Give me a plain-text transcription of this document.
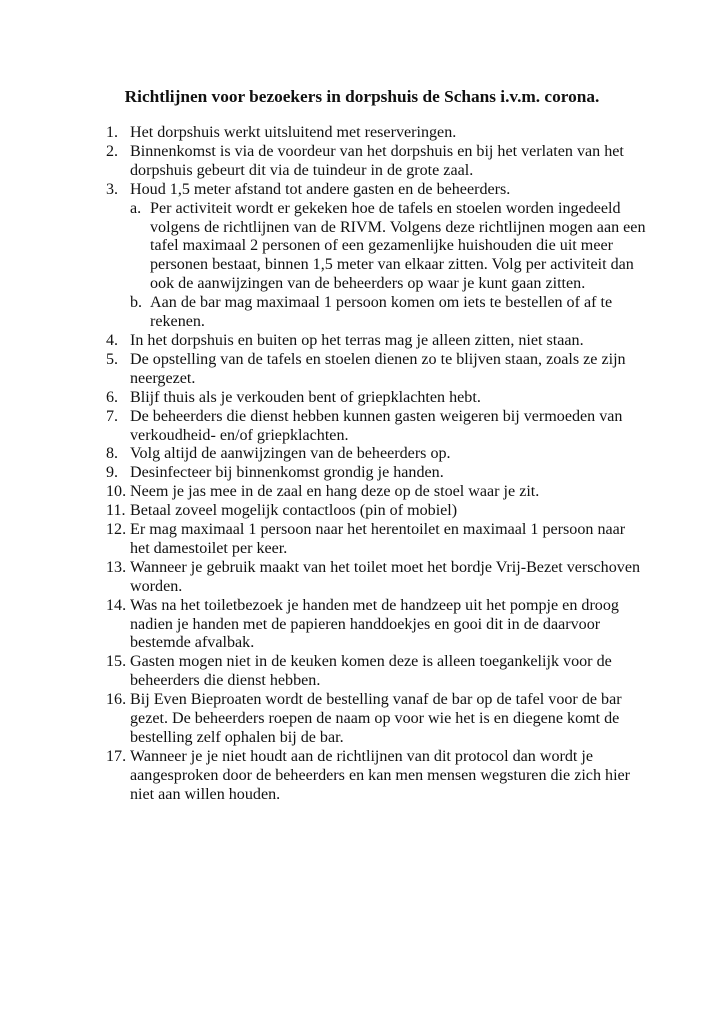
Richtlijnen voor bezoekers in dorpshuis de Schans i.v.m. corona.
1. Het dorpshuis werkt uitsluitend met reserveringen.
2. Binnenkomst is via de voordeur van het dorpshuis en bij het verlaten van het dorpshuis gebeurt dit via de tuindeur in de grote zaal.
3. Houd 1,5 meter afstand tot andere gasten en de beheerders.
a. Per activiteit wordt er gekeken hoe de tafels en stoelen worden ingedeeld volgens de richtlijnen van de RIVM. Volgens deze richtlijnen mogen aan een tafel maximaal 2 personen of een gezamenlijke huishouden die uit meer personen bestaat, binnen 1,5 meter van elkaar zitten. Volg per activiteit dan ook de aanwijzingen van de beheerders op waar je kunt gaan zitten.
b. Aan de bar mag maximaal 1 persoon komen om iets te bestellen of af te rekenen.
4. In het dorpshuis en buiten op het terras mag je alleen zitten, niet staan.
5. De opstelling van de tafels en stoelen dienen zo te blijven staan, zoals ze zijn neergezet.
6. Blijf thuis als je verkouden bent of griepklachten hebt.
7. De beheerders die dienst hebben kunnen gasten weigeren bij vermoeden van verkoudheid- en/of griepklachten.
8. Volg altijd de aanwijzingen van de beheerders op.
9. Desinfecteer bij binnenkomst grondig je handen.
10. Neem je jas mee in de zaal en hang deze op de stoel waar je zit.
11. Betaal zoveel mogelijk contactloos (pin of mobiel)
12. Er mag maximaal 1 persoon naar het herentoilet en maximaal 1 persoon naar het damestoilet per keer.
13. Wanneer je gebruik maakt van het toilet moet het bordje Vrij-Bezet verschoven worden.
14. Was na het toiletbezoek je handen met de handzeep uit het pompje en droog nadien je handen met de papieren handdoekjes en gooi dit in de daarvoor bestemde afvalbak.
15. Gasten mogen niet in de keuken komen deze is alleen toegankelijk voor de beheerders die dienst hebben.
16. Bij Even Bieproaten wordt de bestelling vanaf de bar op de tafel voor de bar gezet. De beheerders roepen de naam op voor wie het is en diegene komt de bestelling zelf ophalen bij de bar.
17. Wanneer je je niet houdt aan de richtlijnen van dit protocol dan wordt je aangesproken door de beheerders en kan men mensen wegsturen die zich hier niet aan willen houden.
